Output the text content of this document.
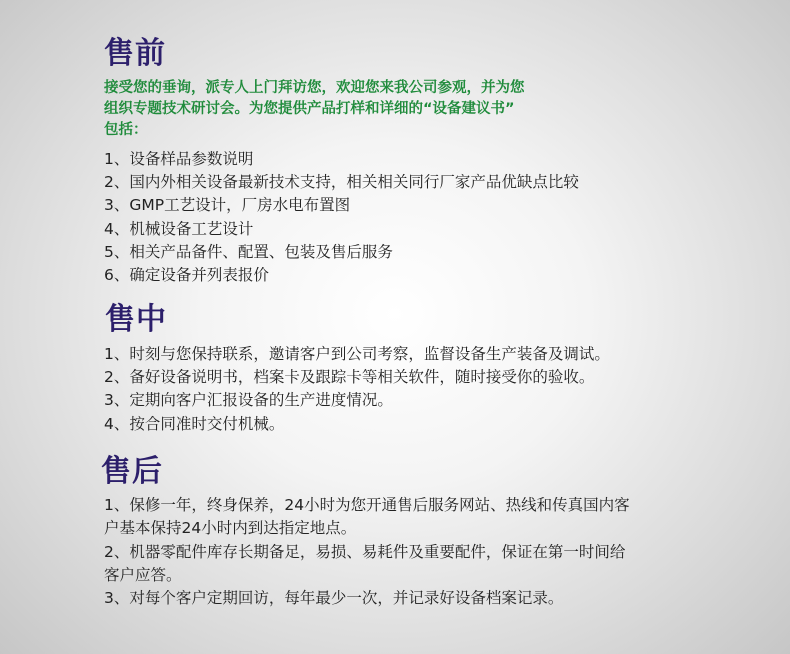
售前

接受您的垂询，派专人上门拜访您，欢迎您来我公司参观，并为您

组织专题技术研讨会。为您提供产品打样和详细的“设备建议书”

包括：

1、设备样品参数说明
2、国内外相关设备最新技术支持，相关相关同行厂家产品优缺点比较
3、GMP工艺设计，厂房水电布置图
4、机械设备工艺设计
5、相关产品备件、配置、包装及售后服务
6、确定设备并列表报价
售中
1、时刻与您保持联系，邀请客户到公司考察，监督设备生产装备及调试。
2、备好设备说明书，档案卡及跟踪卡等相关软件，随时接受你的验收。
3、定期向客户汇报设备的生产进度情况。
4、按合同准时交付机械。
售后
1、保修一年，终身保养，24小时为您开通售后服务网站、热线和传真国内客
户基本保持24小时内到达指定地点。
2、机器零配件库存长期备足，易损、易耗件及重要配件，保证在第一时间给
客户应答。
3、对每个客户定期回访，每年最少一次，并记录好设备档案记录。
